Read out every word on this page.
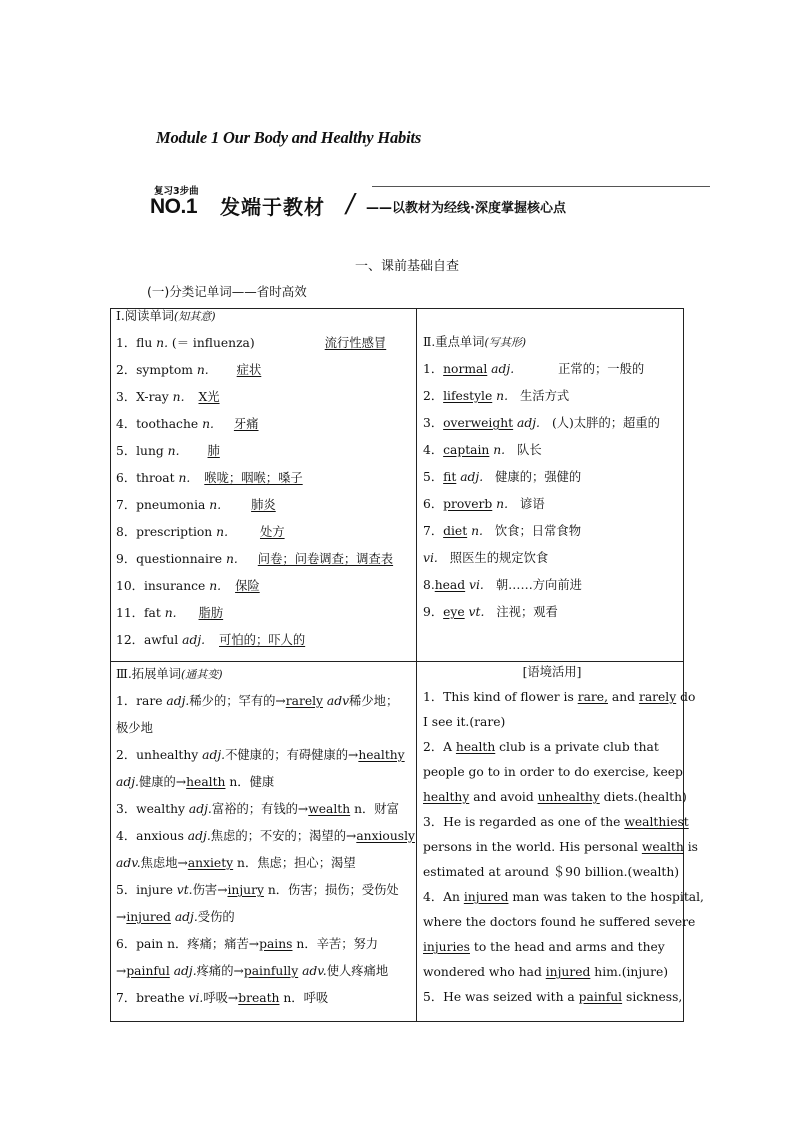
Module 1 Our Body and Healthy Habits
复习3步曲
NO.1 发端于教材 / ——以教材为经线·深度掌握核心点
一、课前基础自查
(一)分类记单词——省时高效
Ⅰ.阅读单词(知其意)
1．flu n. (＝ influenza)	流行性感冒
2．symptom n. 症状
3．X-ray n. X光
4．toothache n. 牙痛
5．lung n. 肺
6．throat n. 喉咙；咽喉；嗓子
7．pneumonia n. 肺炎
8．prescription n.	处方
9．questionnaire n. 问卷；问卷调查；调查表
10．insurance n. 保险
11．fat n. 脂肪
12．awful adj. 可怕的；吓人的
Ⅱ.重点单词(写其形)
1．normal adj.	正常的；一般的
2．lifestyle n. 生活方式
3．overweight adj. (人)太胖的；超重的
4．captain n. 队长
5．fit adj. 健康的；强健的
6．proverb n. 谚语
7．diet n. 饮食；日常食物
vi. 照医生的规定饮食
8.head vi. 朝……方向前进
9．eye vt. 注视；观看
Ⅲ.拓展单词(通其变)
1．rare adj.稀少的；罕有的→rarely adv稀少地；
极少地
2．unhealthy adj.不健康的；有碍健康的→healthy
adj.健康的→health n．健康
3．wealthy adj.富裕的；有钱的→wealth n．财富
4．anxious adj.焦虑的；不安的；渴望的→anxiously
adv.焦虑地→anxiety n．焦虑；担心；渴望
5．injure vt.伤害→injury n．伤害；损伤；受伤处
→injured adj.受伤的
6．pain n．疼痛；痛苦→pains n．辛苦；努力
→painful adj.疼痛的→painfully adv.使人疼痛地
7．breathe vi.呼吸→breath n．呼吸
[语境活用]
1．This kind of flower is rare, and rarely do
I see it.(rare)
2．A health club is a private club that
people go to in order to do exercise, keep
healthy and avoid unhealthy diets.(health)
3．He is regarded as one of the wealthiest
persons in the world. His personal wealth is
estimated at around ＄90 billion.(wealth)
4．An injured man was taken to the hospital,
where the doctors found he suffered severe
injuries to the head and arms and they
wondered who had injured him.(injure)
5．He was seized with a painful sickness,
